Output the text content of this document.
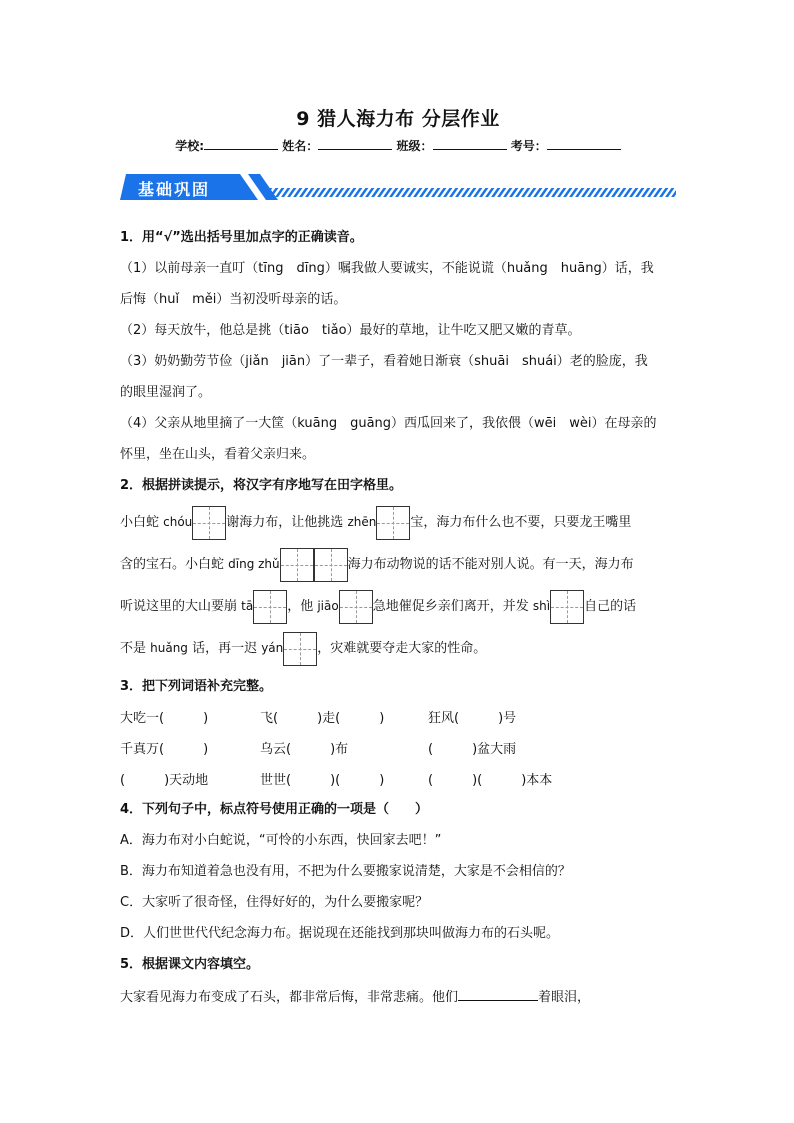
9 猎人海力布 分层作业
学校:	姓名：	班级：	考号：
基础巩固
1．用“√”选出括号里加点字的正确读音。
（1）以前母亲一直叮（tīng　dīng）嘱我做人要诚实，不能说谎（huǎng　huāng）话，我
后悔（huǐ　měi）当初没听母亲的话。
（2）每天放牛，他总是挑（tiāo　tiǎo）最好的草地，让牛吃又肥又嫩的青草。
（3）奶奶勤劳节俭（jiǎn　jiān）了一辈子，看着她日渐衰（shuāi　shuái）老的脸庞，我
的眼里湿润了。
（4）父亲从地里摘了一大筐（kuāng　guāng）西瓜回来了，我依偎（wēi　wèi）在母亲的
怀里，坐在山头，看着父亲归来。
2．根据拼读提示，将汉字有序地写在田字格里。
小白蛇 chóu	谢海力布，让他挑选 zhēn	宝，海力布什么也不要，只要龙王嘴里
含的宝石。小白蛇 dīng zhǔ	海力布动物说的话不能对别人说。有一天，海力布
听说这里的大山要崩 tā	，他 jiāo	急地催促乡亲们离开，并发 shì	自己的话
不是 huǎng 话，再一迟 yán	，灾难就要夺走大家的性命。
3．把下列词语补充完整。
大吃一(　　　)	飞(　　　)走(　　　)	狂风(　　　)号
千真万(　　　)	乌云(　　　)布	(　　　)盆大雨
(　　　)天动地	世世(　　　)(　　　)	(　　　)(　　　)本本
4．下列句子中，标点符号使用正确的一项是（　　）
A．海力布对小白蛇说，“可怜的小东西，快回家去吧！”
B．海力布知道着急也没有用，不把为什么要搬家说清楚，大家是不会相信的？
C．大家听了很奇怪，住得好好的，为什么要搬家呢？
D．人们世世代代纪念海力布。据说现在还能找到那块叫做海力布的石头呢。
5．根据课文内容填空。
大家看见海力布变成了石头，都非常后悔，非常悲痛。他们	着眼泪，
